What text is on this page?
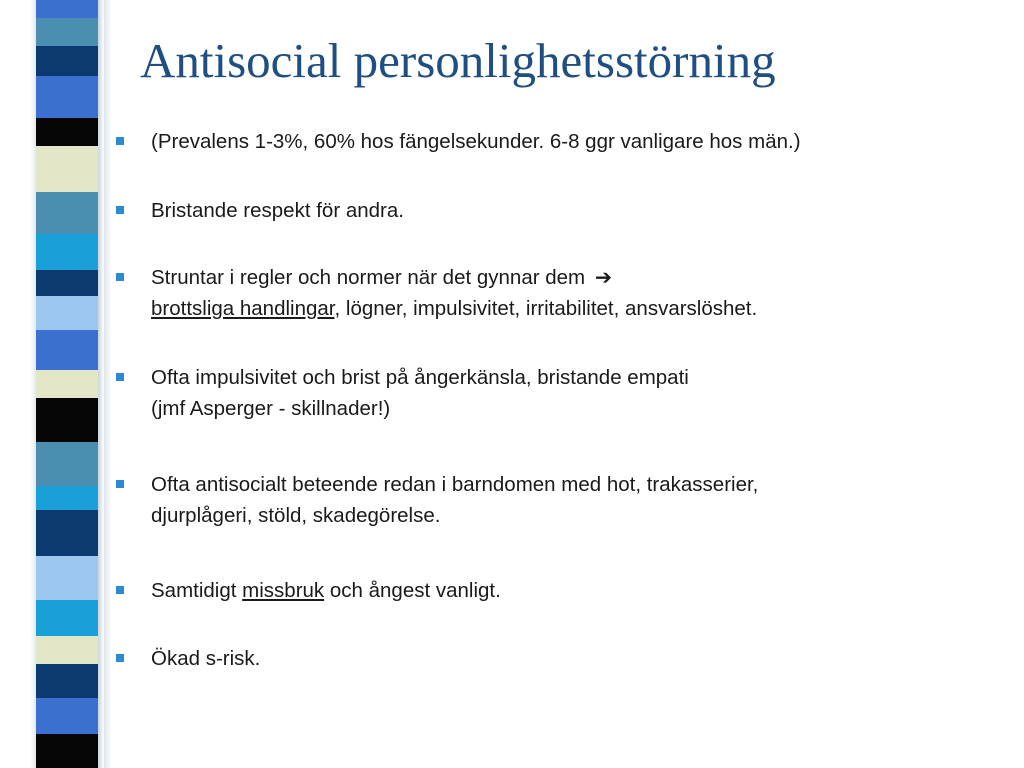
Antisocial personlighetsstörning
(Prevalens 1-3%, 60% hos fängelsekunder. 6-8 ggr vanligare hos män.)
Bristande respekt för andra.
Struntar i regler och normer när det gynnar dem ➔
brottsliga handlingar, lögner, impulsivitet, irritabilitet, ansvarslöshet.
Ofta impulsivitet och brist på ångerkänsla, bristande empati
(jmf Asperger - skillnader!)
Ofta antisocialt beteende redan i barndomen med hot, trakasserier,
djurplågeri, stöld, skadegörelse.
Samtidigt missbruk och ångest vanligt.
Ökad s-risk.
